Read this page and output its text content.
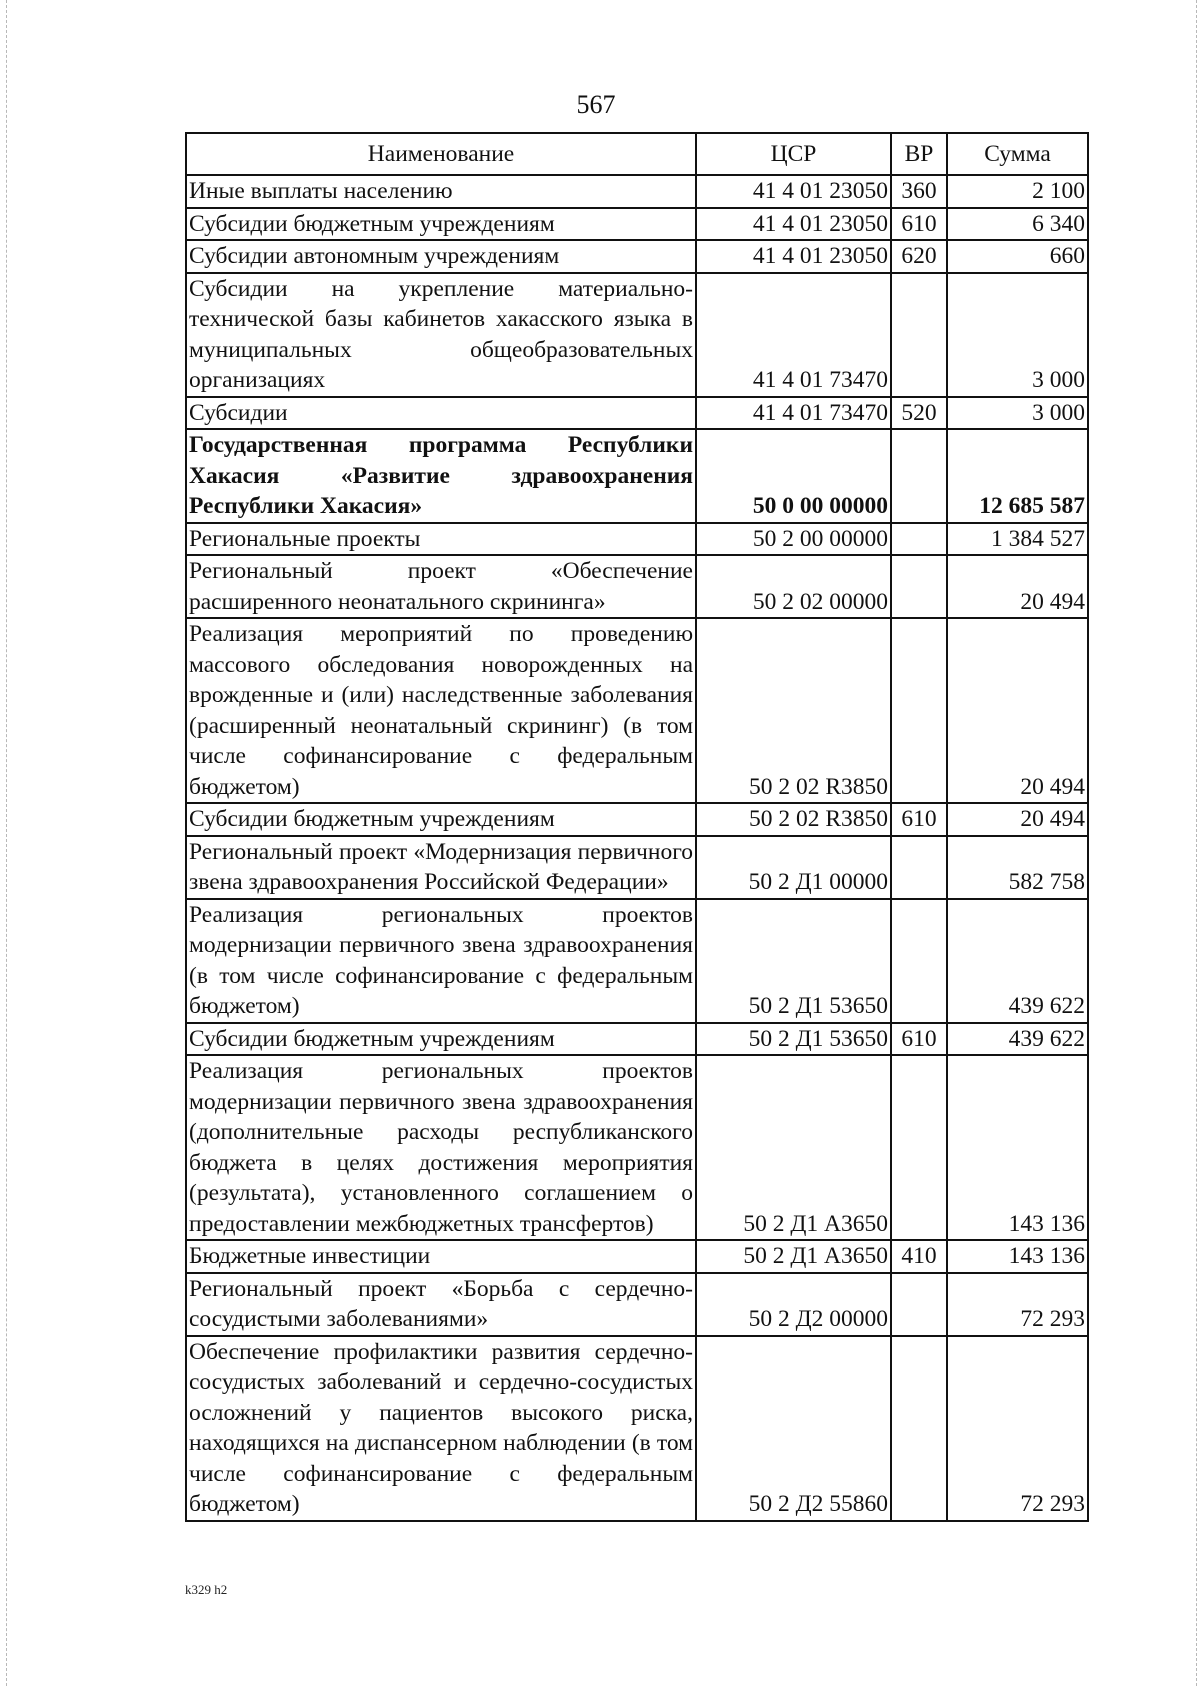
567
Наименование	ЦСР	ВР	Сумма
Иные выплаты населению	41 4 01 23050	360	2 100
Субсидии бюджетным учреждениям	41 4 01 23050	610	6 340
Субсидии автономным учреждениям	41 4 01 23050	620	660
Субсидии на укрепление материально-технической базы кабинетов хакасского языка в муниципальных общеобразовательных организациях	41 4 01 73470		3 000
Субсидии	41 4 01 73470	520	3 000
Государственная программа Республики Хакасия «Развитие здравоохранения Республики Хакасия»	50 0 00 00000		12 685 587
Региональные проекты	50 2 00 00000		1 384 527
Региональный проект «Обеспечение расширенного неонатального скрининга»	50 2 02 00000		20 494
Реализация мероприятий по проведению массового обследования новорожденных на врожденные и (или) наследственные заболевания (расширенный неонатальный скрининг) (в том числе софинансирование с федеральным бюджетом)	50 2 02 R3850		20 494
Субсидии бюджетным учреждениям	50 2 02 R3850	610	20 494
Региональный проект «Модернизация первичного звена здравоохранения Российской Федерации»	50 2 Д1 00000		582 758
Реализация региональных проектов модернизации первичного звена здравоохранения (в том числе софинансирование с федеральным бюджетом)	50 2 Д1 53650		439 622
Субсидии бюджетным учреждениям	50 2 Д1 53650	610	439 622
Реализация региональных проектов модернизации первичного звена здравоохранения (дополнительные расходы республиканского бюджета в целях достижения мероприятия (результата), установленного соглашением о предоставлении межбюджетных трансфертов)	50 2 Д1 А3650		143 136
Бюджетные инвестиции	50 2 Д1 А3650	410	143 136
Региональный проект «Борьба с сердечно-сосудистыми заболеваниями»	50 2 Д2 00000		72 293
Обеспечение профилактики развития сердечно-сосудистых заболеваний и сердечно-сосудистых осложнений у пациентов высокого риска, находящихся на диспансерном наблюдении (в том числе софинансирование с федеральным бюджетом)	50 2 Д2 55860		72 293
k329 h2
